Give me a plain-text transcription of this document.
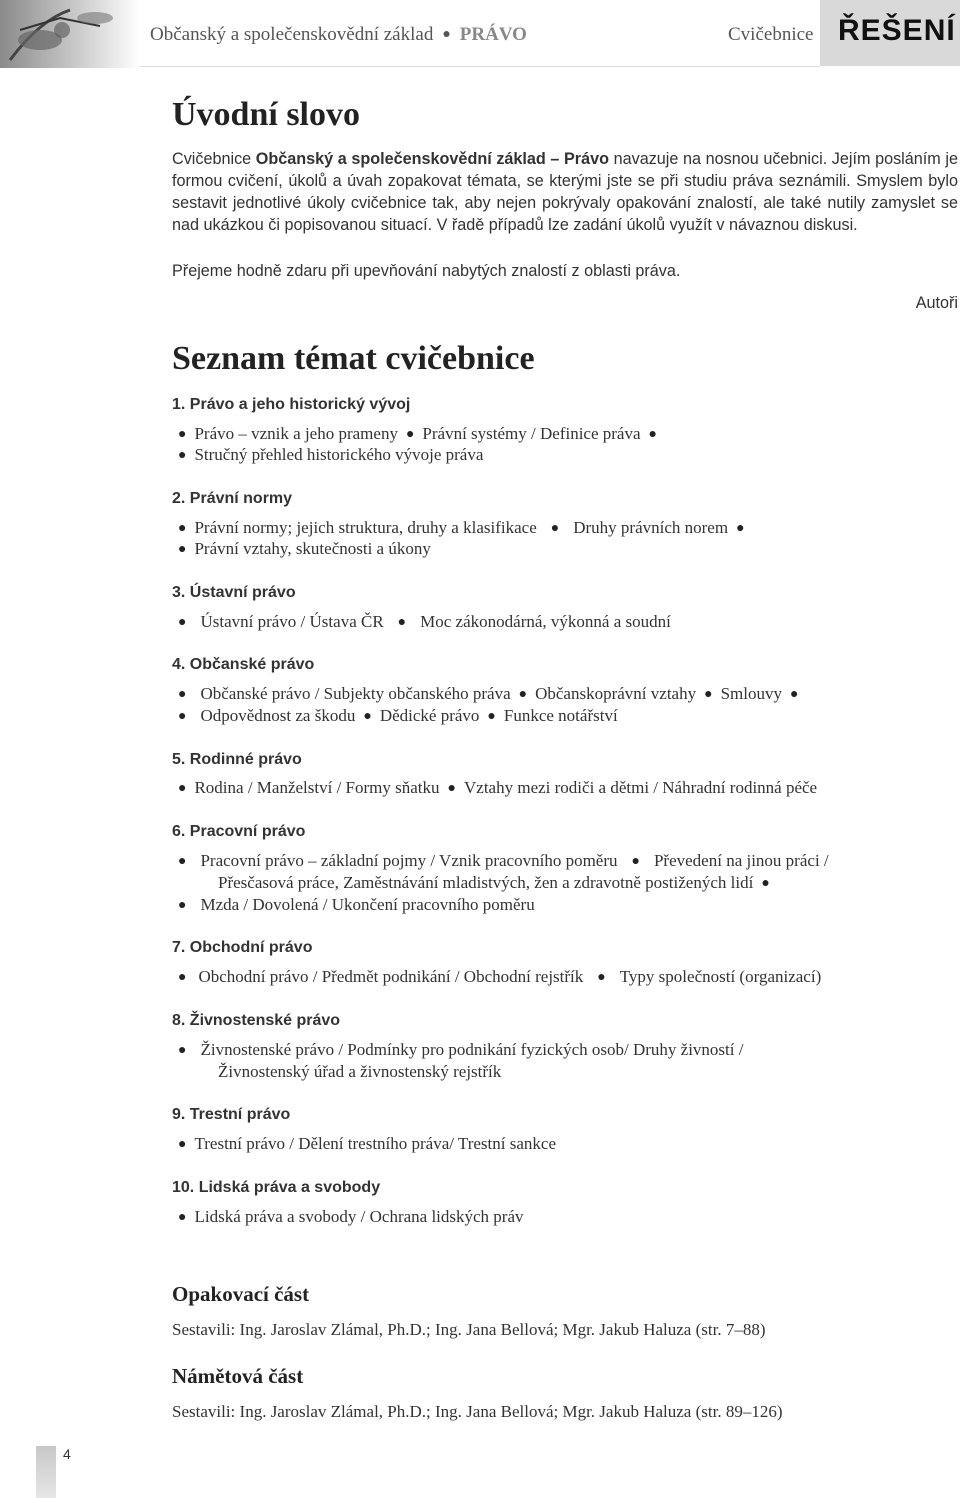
Občanský a společenskovědní základ ● PRÁVO	Cvičebnice ŘEŠENÍ
Úvodní slovo

Cvičebnice Občanský a společenskovědní základ – Právo navazuje na nosnou učebnici. Jejím posláním je formou cvičení, úkolů a úvah zopakovat témata, se kterými jste se při studiu práva seznámili. Smyslem bylo sestavit jednotlivé úkoly cvičebnice tak, aby nejen pokrývaly opakování znalostí, ale také nutily zamyslet se nad ukázkou či popisovanou situací. V řadě případů lze zadání úkolů využít v návaznou diskusi.

Přejeme hodně zdaru při upevňování nabytých znalostí z oblasti práva.
Autoři
Seznam témat cvičebnice
1. Právo a jeho historický vývoj
● Právo – vznik a jeho prameny ● Právní systémy / Definice práva ●
● Stručný přehled historického vývoje práva
2. Právní normy
● Právní normy; jejich struktura, druhy a klasifikace ● Druhy právních norem ●
● Právní vztahy, skutečnosti a úkony
3. Ústavní právo
● Ústavní právo / Ústava ČR ● Moc zákonodárná, výkonná a soudní
4. Občanské právo
● Občanské právo / Subjekty občanského práva ● Občanskoprávní vztahy ● Smlouvy ●
● Odpovědnost za škodu ● Dědické právo ● Funkce notářství
5. Rodinné právo
● Rodina / Manželství / Formy sňatku ● Vztahy mezi rodiči a dětmi / Náhradní rodinná péče
6. Pracovní právo
● Pracovní právo – základní pojmy / Vznik pracovního poměru ● Převedení na jinou práci /
Přesčasová práce, Zaměstnávání mladistvých, žen a zdravotně postižených lidí ●
● Mzda / Dovolená / Ukončení pracovního poměru
7. Obchodní právo
● Obchodní právo / Předmět podnikání / Obchodní rejstřík ● Typy společností (organizací)
8. Živnostenské právo
● Živnostenské právo / Podmínky pro podnikání fyzických osob/ Druhy živností /
Živnostenský úřad a živnostenský rejstřík
9. Trestní právo
● Trestní právo / Dělení trestního práva/ Trestní sankce
10. Lidská práva a svobody
● Lidská práva a svobody / Ochrana lidských práv
Opakovací část
Sestavili: Ing. Jaroslav Zlámal, Ph.D.; Ing. Jana Bellová; Mgr. Jakub Haluza (str. 7–88)
Námětová část
Sestavili: Ing. Jaroslav Zlámal, Ph.D.; Ing. Jana Bellová; Mgr. Jakub Haluza (str. 89–126)
4
